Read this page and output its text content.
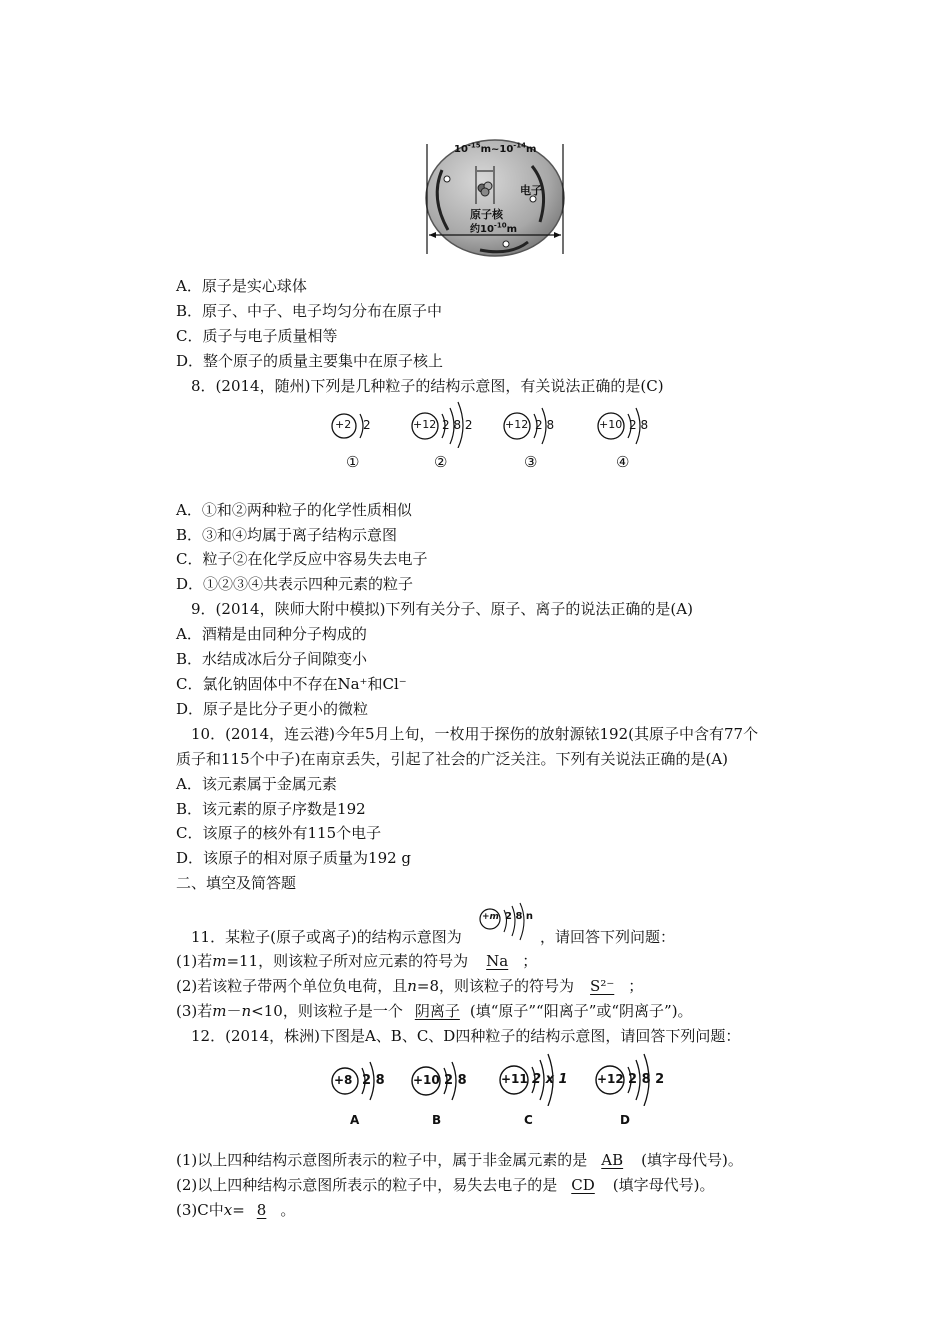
$10^{-15}m\sim 10^{-14}m$
电子
原子核
约$10^{-10}m$
A．原子是实心球体
B．原子、中子、电子均匀分布在原子中
C．质子与电子质量相等
D．整个原子的质量主要集中在原子核上
8．(2014，随州)下列是几种粒子的结构示意图，有关说法正确的是(C)
+2 2
①
+12 2 8 2
②
+12 2 8
③
+10 2 8
④
A．①和②两种粒子的化学性质相似
B．③和④均属于离子结构示意图
C．粒子②在化学反应中容易失去电子
D．①②③④共表示四种元素的粒子
9．(2014，陕师大附中模拟)下列有关分子、原子、离子的说法正确的是(A)
A．酒精是由同种分子构成的
B．水结成冰后分子间隙变小
C．氯化钠固体中不存在Na⁺和Cl⁻
D．原子是比分子更小的微粒
10．(2014，连云港)今年5月上旬，一枚用于探伤的放射源铱192(其原子中含有77个
质子和115个中子)在南京丢失，引起了社会的广泛关注。下列有关说法正确的是(A)
A．该元素属于金属元素
B．该元素的原子序数是192
C．该原子的核外有115个电子
D．该原子的相对原子质量为192 g
二、填空及简答题
11．某粒子(原子或离子)的结构示意图为
+m 2 8 n
，请回答下列问题：
(1)若m=11，则该粒子所对应元素的符号为 Na ；
(2)若该粒子带两个单位负电荷，且n=8，则该粒子的符号为 S²⁻ ；
(3)若m－n<10，则该粒子是一个 阴离子 (填“原子”“阳离子”或“阴离子”)。
12．(2014，株洲)下图是A、B、C、D四种粒子的结构示意图，请回答下列问题：
+8 2 8
A
+10 2 8
B
+11 2 x 1
C
+12 2 8 2
D
(1)以上四种结构示意图所表示的粒子中，属于非金属元素的是 AB (填字母代号)。
(2)以上四种结构示意图所表示的粒子中，易失去电子的是 CD (填字母代号)。
(3)C中x= 8 。
